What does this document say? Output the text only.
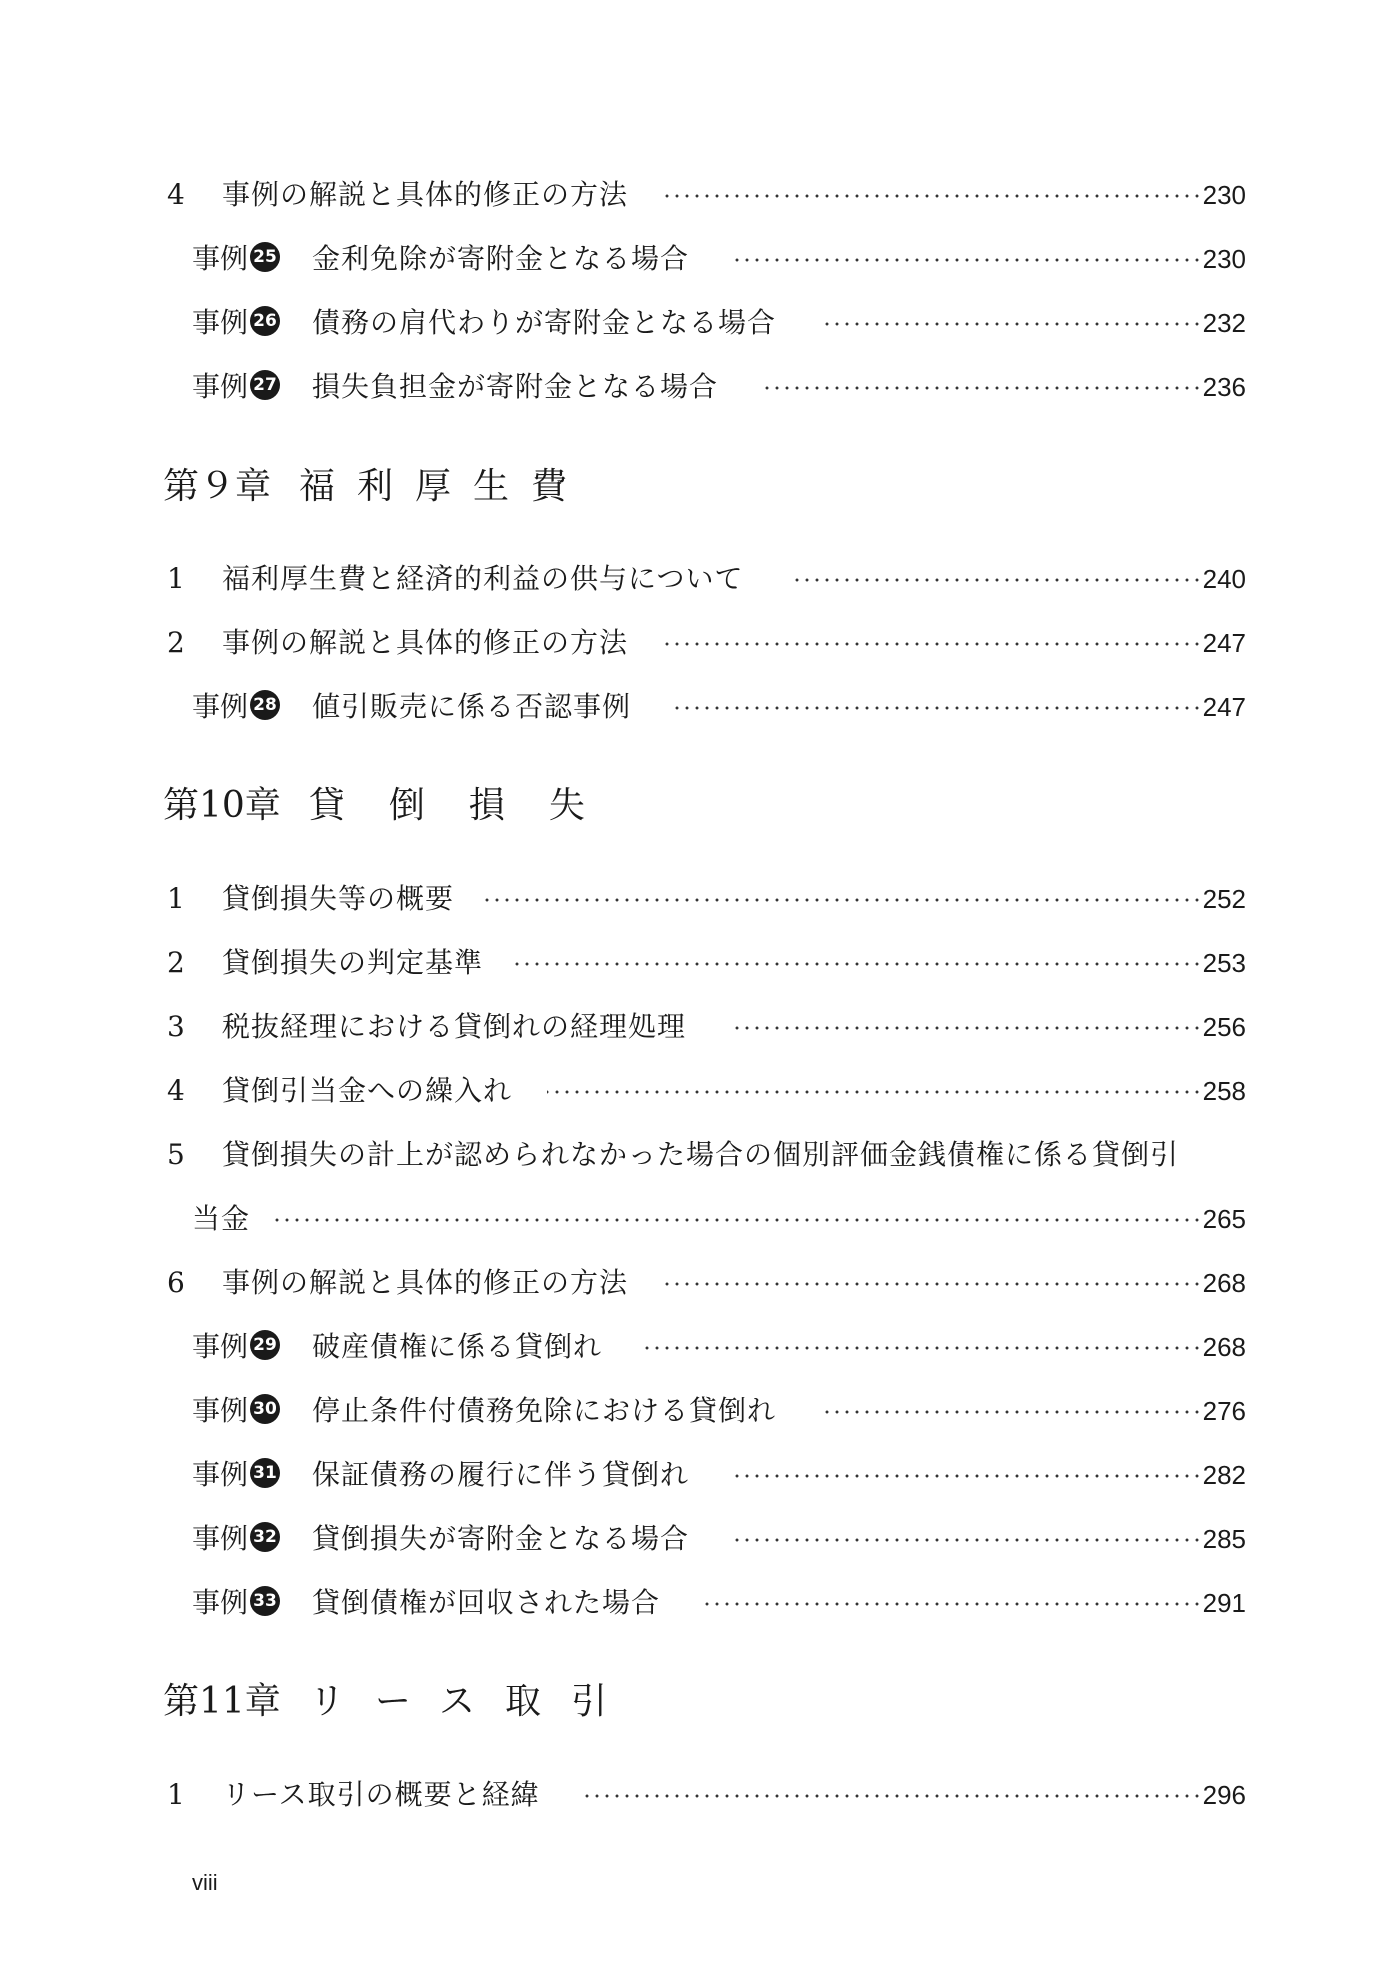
4 事例の解説と具体的修正の方法	230
事例 25 金利免除が寄附金となる場合	230
事例 26 債務の肩代わりが寄附金となる場合	232
事例 27 損失負担金が寄附金となる場合	236
第９章 福利厚生費
1 福利厚生費と経済的利益の供与について	240
2 事例の解説と具体的修正の方法	247
事例 28 値引販売に係る否認事例	247
第10章 貸倒損失
1 貸倒損失等の概要	252
2 貸倒損失の判定基準	253
3 税抜経理における貸倒れの経理処理	256
4 貸倒引当金への繰入れ	258
5 貸倒損失の計上が認められなかった場合の個別評価金銭債権に係る貸倒引
当金	265
6 事例の解説と具体的修正の方法	268
事例 29 破産債権に係る貸倒れ	268
事例 30 停止条件付債務免除における貸倒れ	276
事例 31 保証債務の履行に伴う貸倒れ	282
事例 32 貸倒損失が寄附金となる場合	285
事例 33 貸倒債権が回収された場合	291
第11章 リース取引
1 リース取引の概要と経緯	296
viii
